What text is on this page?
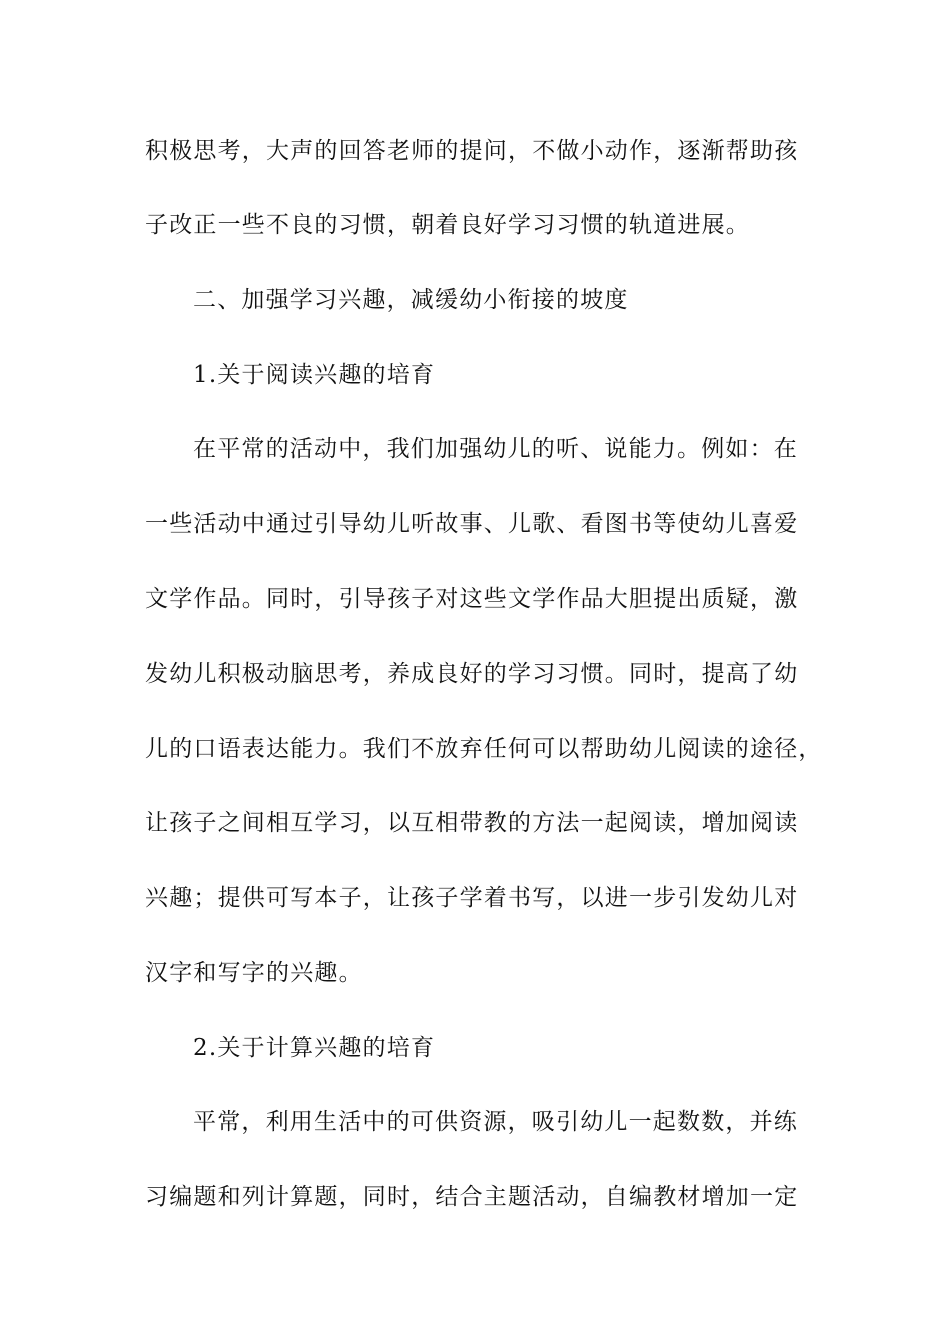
积极思考，大声的回答老师的提问，不做小动作，逐渐帮助孩
子改正一些不良的习惯，朝着良好学习习惯的轨道进展。
二、加强学习兴趣，减缓幼小衔接的坡度
1.关于阅读兴趣的培育
在平常的活动中，我们加强幼儿的听、说能力。例如：在
一些活动中通过引导幼儿听故事、儿歌、看图书等使幼儿喜爱
文学作品。同时，引导孩子对这些文学作品大胆提出质疑，激
发幼儿积极动脑思考，养成良好的学习习惯。同时，提高了幼
儿的口语表达能力。我们不放弃任何可以帮助幼儿阅读的途径，
让孩子之间相互学习，以互相带教的方法一起阅读，增加阅读
兴趣；提供可写本子，让孩子学着书写，以进一步引发幼儿对
汉字和写字的兴趣。
2.关于计算兴趣的培育
平常，利用生活中的可供资源，吸引幼儿一起数数，并练
习编题和列计算题，同时，结合主题活动，自编教材增加一定
